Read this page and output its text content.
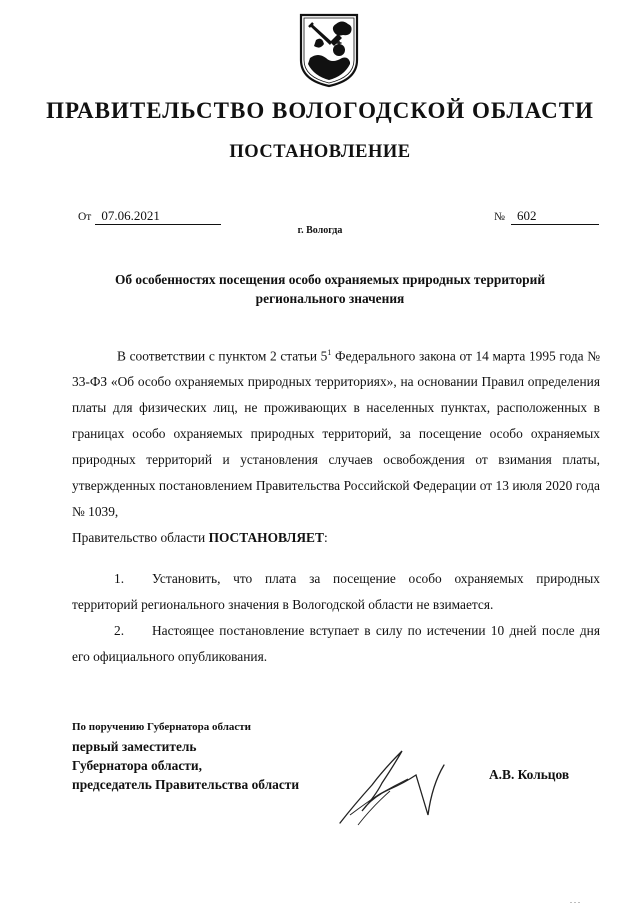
ПРАВИТЕЛЬСТВО ВОЛОГОДСКОЙ ОБЛАСТИ
ПОСТАНОВЛЕНИЕ
От 07.06.2021	№ 602
г. Вологда
Об особенностях посещения особо охраняемых природных территорий регионального значения
В соответствии с пунктом 2 статьи $5^1$ Федерального закона от 14 марта 1995 года № 33-ФЗ «Об особо охраняемых природных территориях», на основании Правил определения платы для физических лиц, не проживающих в населенных пунктах, расположенных в границах особо охраняемых природных территорий, за посещение особо охраняемых природных территорий и установления случаев освобождения от взимания платы, утвержденных постановлением Правительства Российской Федерации от 13 июля 2020 года № 1039,
Правительство области ПОСТАНОВЛЯЕТ:
1. Установить, что плата за посещение особо охраняемых природных территорий регионального значения в Вологодской области не взимается.
2. Настоящее постановление вступает в силу по истечении 10 дней после дня его официального опубликования.
По поручению Губернатора области
первый заместитель
Губернатора области,
председатель Правительства области
А.В. Кольцов
...
